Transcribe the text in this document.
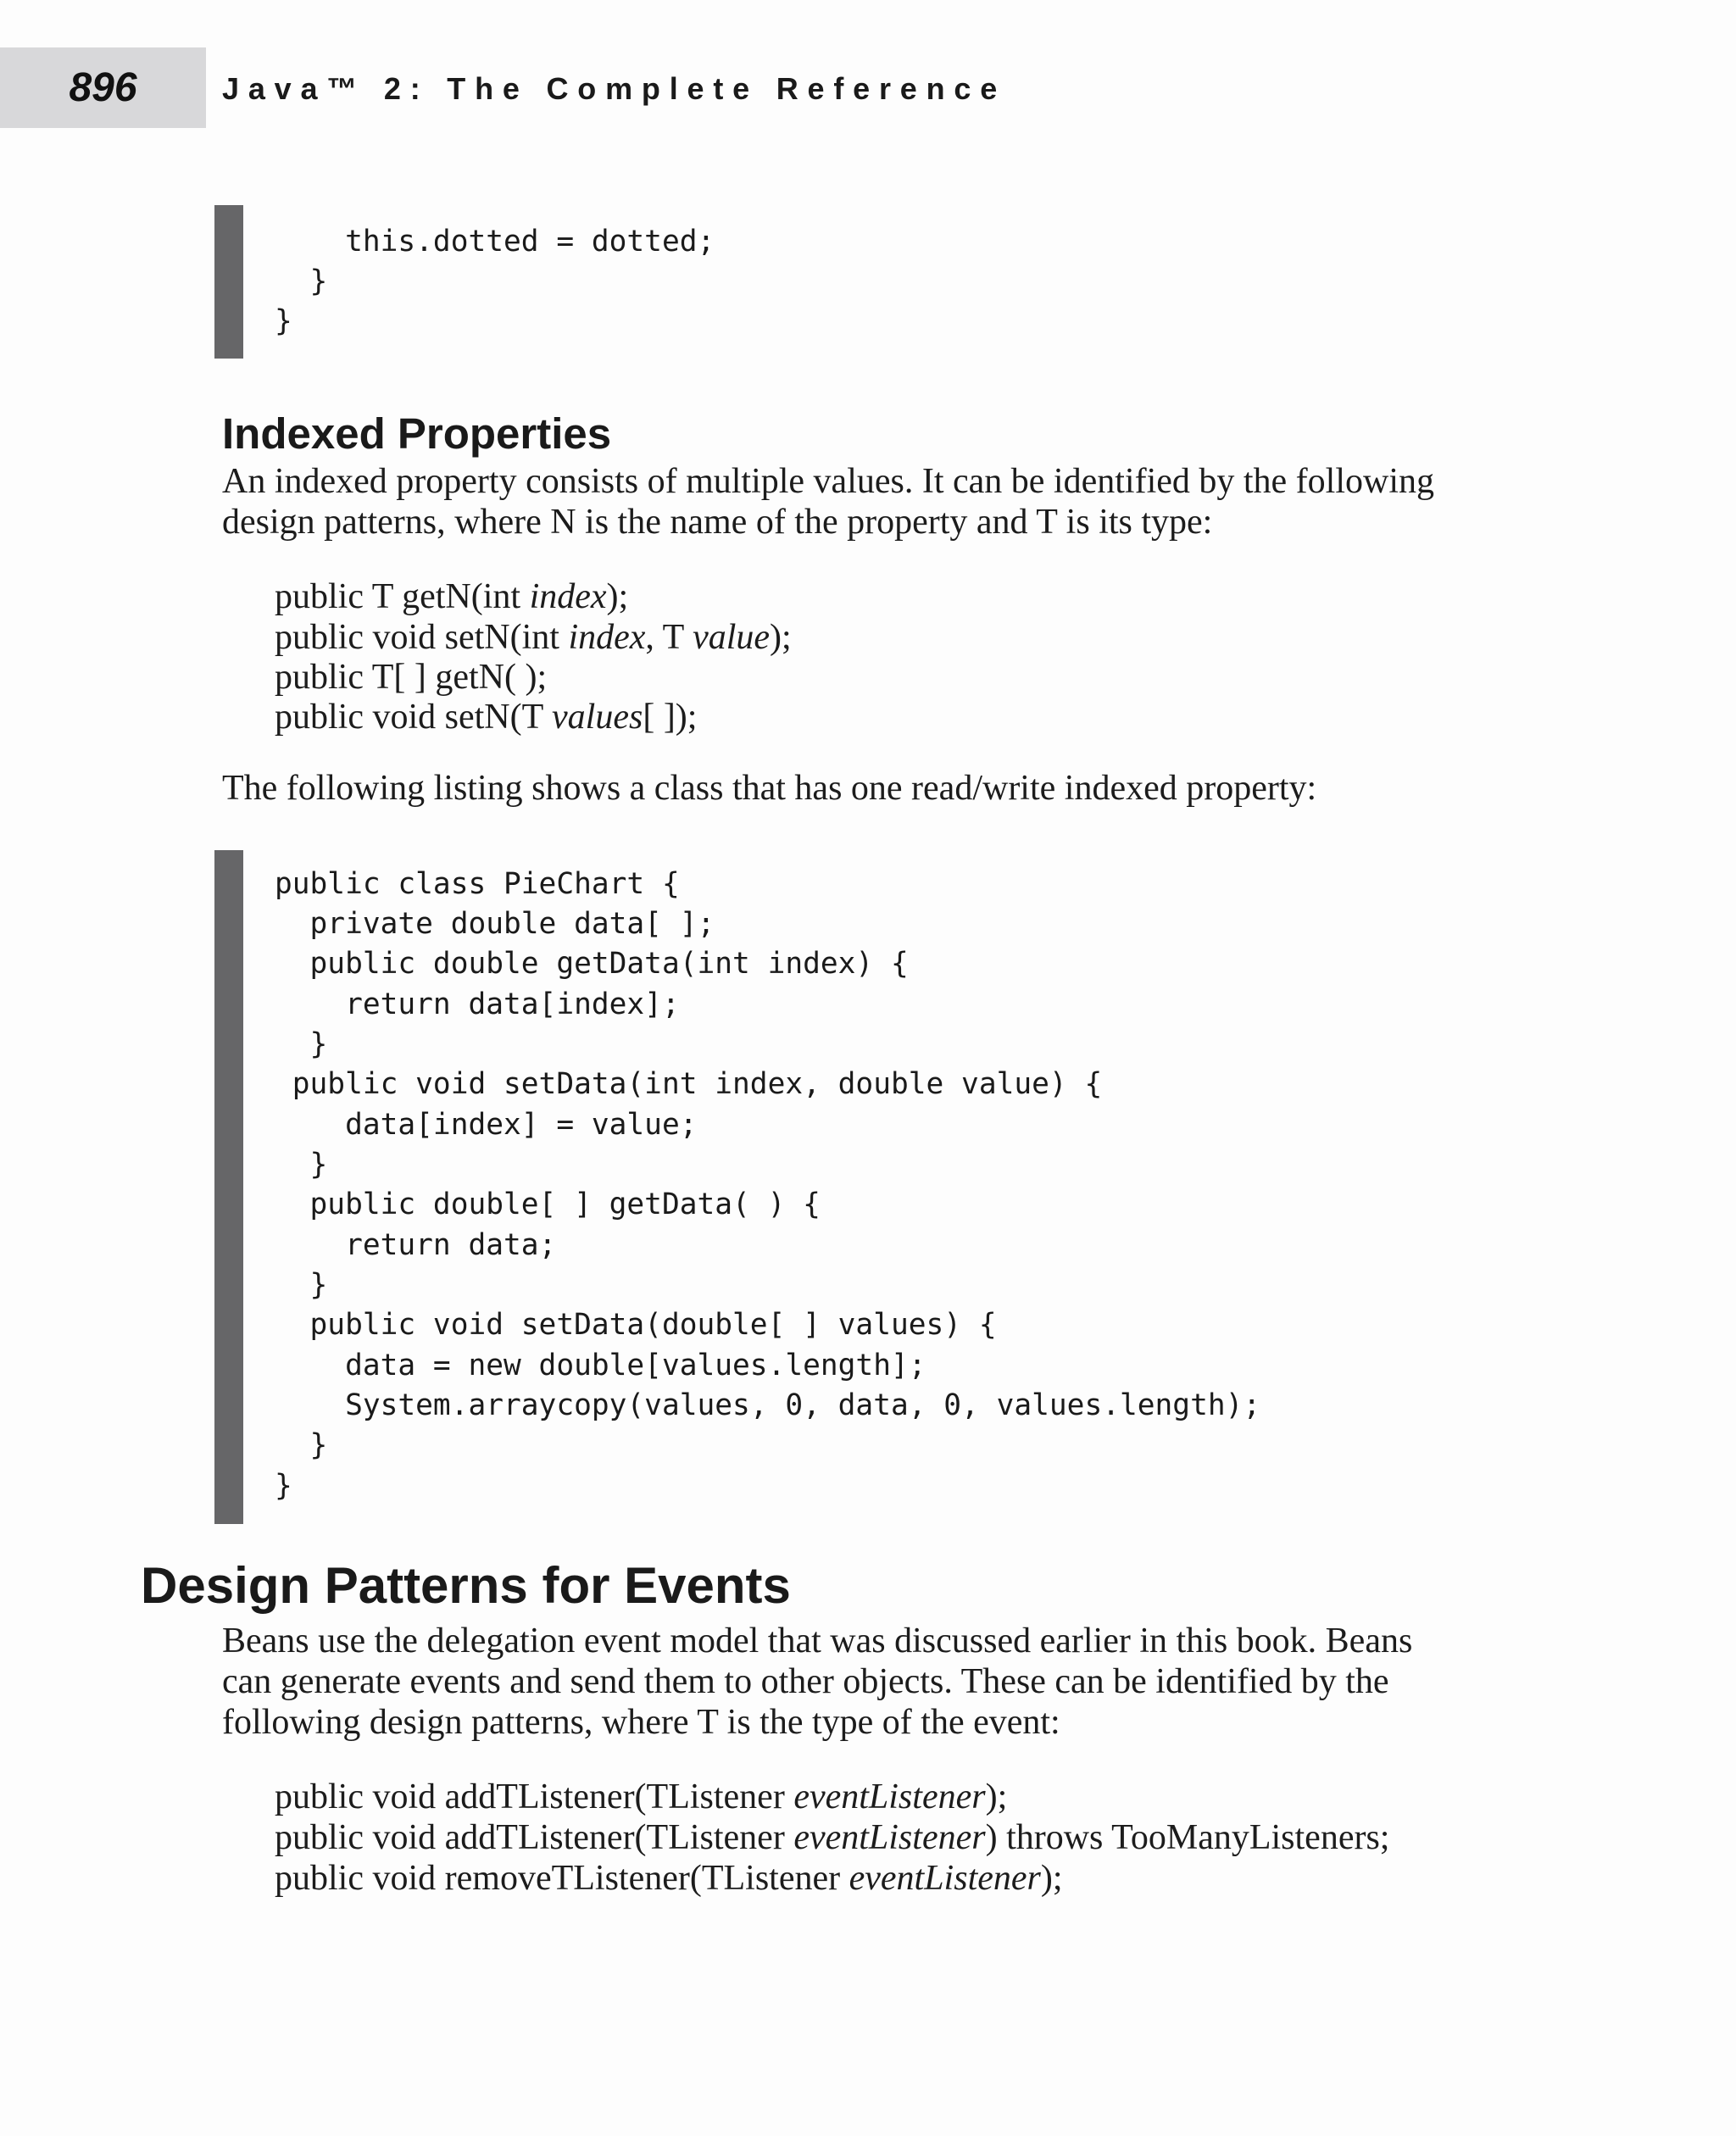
896	Java™ 2: The Complete Reference
this.dotted = dotted;
}
}
Indexed Properties
An indexed property consists of multiple values. It can be identified by the following
design patterns, where N is the name of the property and T is its type:
public T getN(int index);
public void setN(int index, T value);
public T[ ] getN( );
public void setN(T values[ ]);
The following listing shows a class that has one read/write indexed property:
public class PieChart {
private double data[ ];
public double getData(int index) {
return data[index];
}
public void setData(int index, double value) {
data[index] = value;
}
public double[ ] getData( ) {
return data;
}
public void setData(double[ ] values) {
data = new double[values.length];
System.arraycopy(values, 0, data, 0, values.length);
}
}
Design Patterns for Events
Beans use the delegation event model that was discussed earlier in this book. Beans
can generate events and send them to other objects. These can be identified by the
following design patterns, where T is the type of the event:
public void addTListener(TListener eventListener);
public void addTListener(TListener eventListener) throws TooManyListeners;
public void removeTListener(TListener eventListener);
